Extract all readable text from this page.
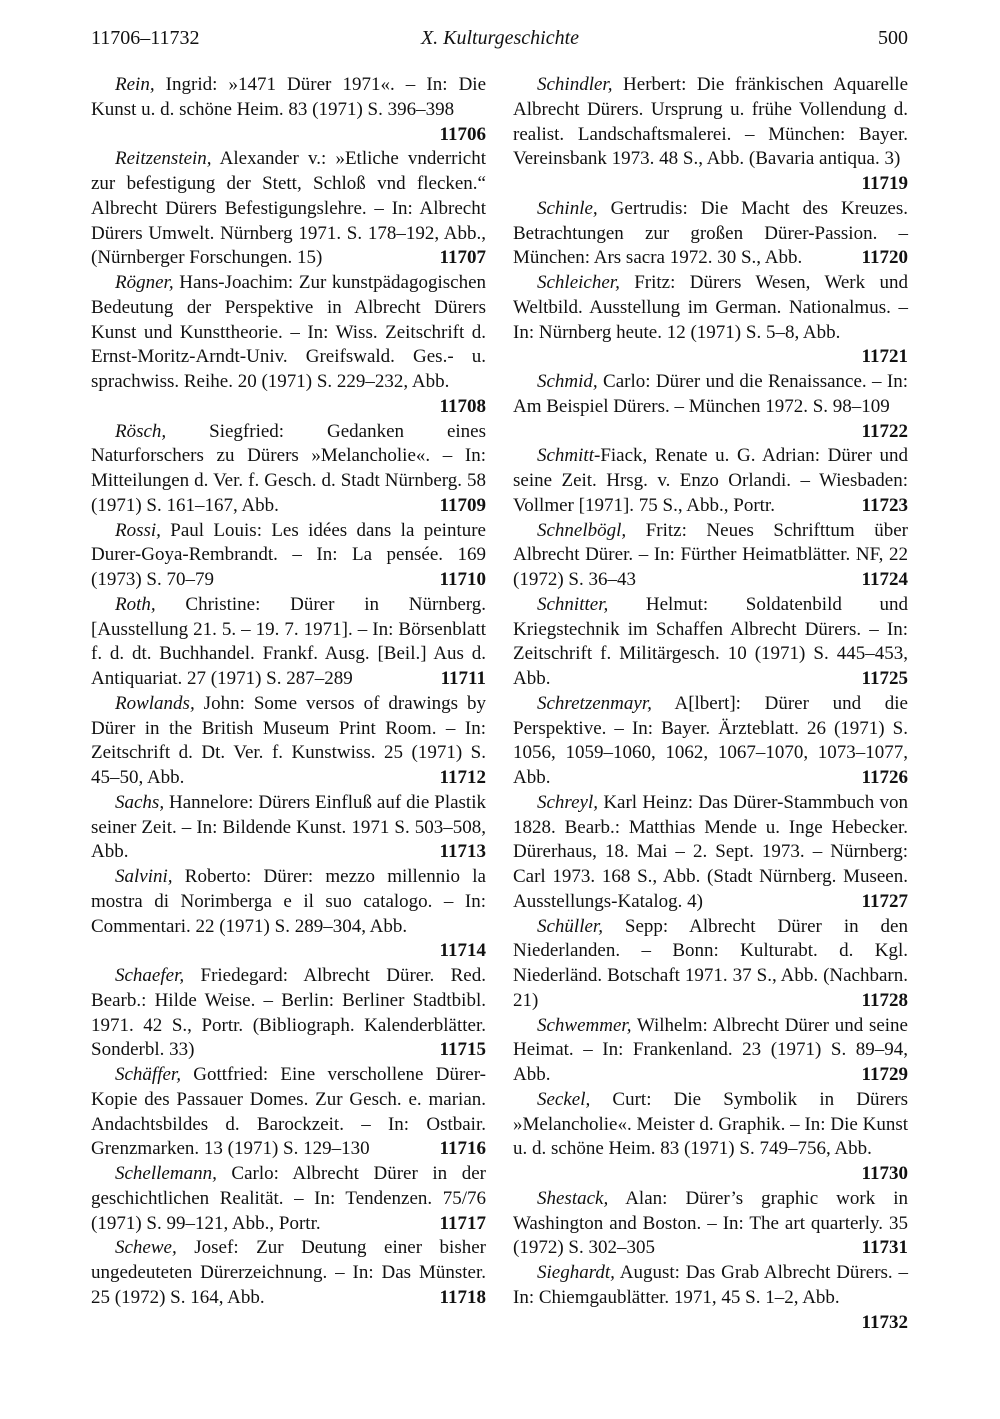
X. Kulturgeschichte
11706–11732	500

Rein, Ingrid: »1471 Dürer 1971«. – In: Die Kunst u. d. schöne Heim. 83 (1971) S. 396–398
11706

Reitzenstein, Alexander v.: »Etliche vnderricht zur befestigung der Stett, Schloß vnd flecken.“ Albrecht Dürers Befestigungslehre. – In: Albrecht Dürers Umwelt. Nürnberg 1971. S. 178–192, Abb., (Nürnberger Forschungen. 15)	11707

Rögner, Hans-Joachim: Zur kunstpädagogischen Bedeutung der Perspektive in Albrecht Dürers Kunst und Kunsttheorie. – In: Wiss. Zeitschrift d. Ernst-Moritz-Arndt-Univ. Greifswald. Ges.- u. sprachwiss. Reihe. 20 (1971) S. 229–232, Abb.
11708

Rösch, Siegfried: Gedanken eines Naturforschers zu Dürers »Melancholie«. – In: Mitteilungen d. Ver. f. Gesch. d. Stadt Nürnberg. 58 (1971) S. 161–167, Abb.	11709

Rossi, Paul Louis: Les idées dans la peinture Durer-Goya-Rembrandt. – In: La pensée. 169 (1973) S. 70–79	11710

Roth, Christine: Dürer in Nürnberg. [Ausstellung 21. 5. – 19. 7. 1971]. – In: Börsenblatt f. d. dt. Buchhandel. Frankf. Ausg. [Beil.] Aus d. Antiquariat. 27 (1971) S. 287–289	11711

Rowlands, John: Some versos of drawings by Dürer in the British Museum Print Room. – In: Zeitschrift d. Dt. Ver. f. Kunstwiss. 25 (1971) S. 45–50, Abb.	11712

Sachs, Hannelore: Dürers Einfluß auf die Plastik seiner Zeit. – In: Bildende Kunst. 1971 S. 503–508, Abb.	11713

Salvini, Roberto: Dürer: mezzo millennio la mostra di Norimberga e il suo catalogo. – In: Commentari. 22 (1971) S. 289–304, Abb.
11714

Schaefer, Friedegard: Albrecht Dürer. Red. Bearb.: Hilde Weise. – Berlin: Berliner Stadtbibl. 1971. 42 S., Portr. (Bibliograph. Kalenderblätter. Sonderbl. 33)	11715

Schäffer, Gottfried: Eine verschollene Dürer-Kopie des Passauer Domes. Zur Gesch. e. marian. Andachtsbildes d. Barockzeit. – In: Ostbair. Grenzmarken. 13 (1971) S. 129–130	11716

Schellemann, Carlo: Albrecht Dürer in der geschichtlichen Realität. – In: Tendenzen. 75/76 (1971) S. 99–121, Abb., Portr.	11717

Schewe, Josef: Zur Deutung einer bisher ungedeuteten Dürerzeichnung. – In: Das Münster. 25 (1972) S. 164, Abb.	11718

Schindler, Herbert: Die fränkischen Aquarelle Albrecht Dürers. Ursprung u. frühe Vollendung d. realist. Landschaftsmalerei. – München: Bayer. Vereinsbank 1973. 48 S., Abb. (Bavaria antiqua. 3)
11719

Schinle, Gertrudis: Die Macht des Kreuzes. Betrachtungen zur großen Dürer-Passion. – München: Ars sacra 1972. 30 S., Abb.	11720

Schleicher, Fritz: Dürers Wesen, Werk und Weltbild. Ausstellung im German. Nationalmus. – In: Nürnberg heute. 12 (1971) S. 5–8, Abb.
11721

Schmid, Carlo: Dürer und die Renaissance. – In: Am Beispiel Dürers. – München 1972. S. 98–109
11722

Schmitt-Fiack, Renate u. G. Adrian: Dürer und seine Zeit. Hrsg. v. Enzo Orlandi. – Wiesbaden: Vollmer [1971]. 75 S., Abb., Portr.	11723

Schnelbögl, Fritz: Neues Schrifttum über Albrecht Dürer. – In: Fürther Heimatblätter. NF, 22 (1972) S. 36–43	11724

Schnitter, Helmut: Soldatenbild und Kriegstechnik im Schaffen Albrecht Dürers. – In: Zeitschrift f. Militärgesch. 10 (1971) S. 445–453, Abb.	11725

Schretzenmayr, A[lbert]: Dürer und die Perspektive. – In: Bayer. Ärzteblatt. 26 (1971) S. 1056, 1059–1060, 1062, 1067–1070, 1073–1077, Abb.	11726

Schreyl, Karl Heinz: Das Dürer-Stammbuch von 1828. Bearb.: Matthias Mende u. Inge Hebecker. Dürerhaus, 18. Mai – 2. Sept. 1973. – Nürnberg: Carl 1973. 168 S., Abb. (Stadt Nürnberg. Museen. Ausstellungs-Katalog. 4)	11727

Schüller, Sepp: Albrecht Dürer in den Niederlanden. – Bonn: Kulturabt. d. Kgl. Niederländ. Botschaft 1971. 37 S., Abb. (Nachbarn. 21)	11728

Schwemmer, Wilhelm: Albrecht Dürer und seine Heimat. – In: Frankenland. 23 (1971) S. 89–94, Abb.	11729

Seckel, Curt: Die Symbolik in Dürers »Melancholie«. Meister d. Graphik. – In: Die Kunst u. d. schöne Heim. 83 (1971) S. 749–756, Abb.
11730

Shestack, Alan: Dürer’s graphic work in Washington and Boston. – In: The art quarterly. 35 (1972) S. 302–305	11731

Sieghardt, August: Das Grab Albrecht Dürers. – In: Chiemgaublätter. 1971, 45 S. 1–2, Abb.
11732
